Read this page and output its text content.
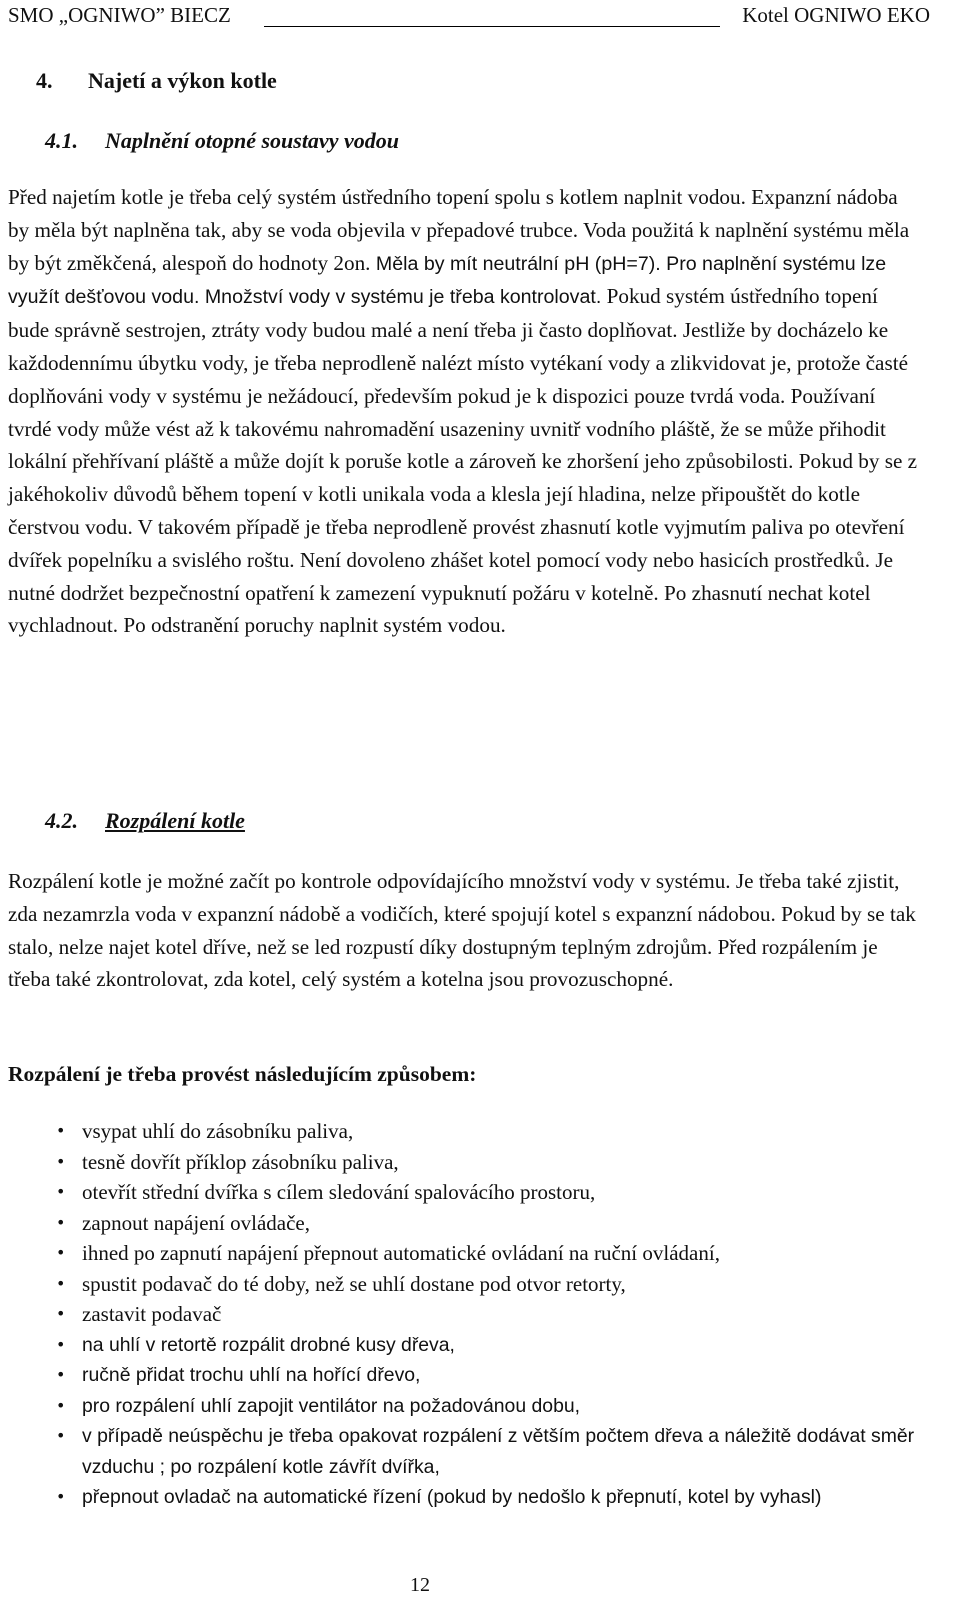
SMO „OGNIWO” BIECZ	Kotel OGNIWO EKO
4. Najetí a výkon kotle
4.1. Naplnění otopné soustavy vodou
Před najetím kotle je třeba celý systém ústředního topení spolu s kotlem naplnit vodou. Expanzní nádoba by měla být naplněna tak, aby se voda objevila v přepadové trubce. Voda použitá k naplnění systému měla by být změkčená, alespoň do hodnoty 2on. Měla by mít neutrální pH (pH=7). Pro naplnění systému lze využít dešťovou vodu. Množství vody v systému je třeba kontrolovat. Pokud systém ústředního topení bude správně sestrojen, ztráty vody budou malé a není třeba ji často doplňovat. Jestliže by docházelo ke každodennímu úbytku vody, je třeba neprodleně nalézt místo vytékaní vody a zlikvidovat je, protože časté doplňováni vody v systému je nežádoucí, především pokud je k dispozici pouze tvrdá voda. Používaní tvrdé vody může vést až k takovému nahromadění usazeniny uvnitř vodního pláště, že se může přihodit lokální přehřívaní pláště a může dojít k poruše kotle a zároveň ke zhoršení jeho způsobilosti. Pokud by se z jakéhokoliv důvodů během topení v kotli unikala voda a klesla její hladina, nelze připouštět do kotle čerstvou vodu. V takovém případě je třeba neprodleně provést zhasnutí kotle vyjmutím paliva po otevření dvířek popelníku a svislého roštu. Není dovoleno zhášet kotel pomocí vody nebo hasicích prostředků. Je nutné dodržet bezpečnostní opatření k zamezení vypuknutí požáru v kotelně. Po zhasnutí nechat kotel vychladnout. Po odstranění poruchy naplnit systém vodou.
4.2. Rozpálení kotle
Rozpálení kotle je možné začít po kontrole odpovídajícího množství vody v systému. Je třeba také zjistit, zda nezamrzla voda v expanzní nádobě a vodičích, které spojují kotel s expanzní nádobou. Pokud by se tak stalo, nelze najet kotel dříve, než se led rozpustí díky dostupným teplným zdrojům. Před rozpálením je třeba také zkontrolovat, zda kotel, celý systém a kotelna jsou provozuschopné.
Rozpálení je třeba provést následujícím způsobem:
• vsypat uhlí do zásobníku paliva,
• tesně dovřít příklop zásobníku paliva,
• otevřít střední dvířka s cílem sledování spalovácího prostoru,
• zapnout napájení ovládače,
• ihned po zapnutí napájení přepnout automatické ovládaní na ruční ovládaní,
• spustit podavač do té doby, než se uhlí dostane pod otvor retorty,
• zastavit podavač
• na uhlí v retortě rozpálit drobné kusy dřeva,
• ručně přidat trochu uhlí na hořící dřevo,
• pro rozpálení uhlí zapojit ventilátor na požadovánou dobu,
• v případě neúspěchu je třeba opakovat rozpálení z větším počtem dřeva a náležitě dodávat směr vzduchu ; po rozpálení kotle závřít dvířka,
• přepnout ovladač na automatické řízení (pokud by nedošlo k přepnutí, kotel by vyhasl)
12
